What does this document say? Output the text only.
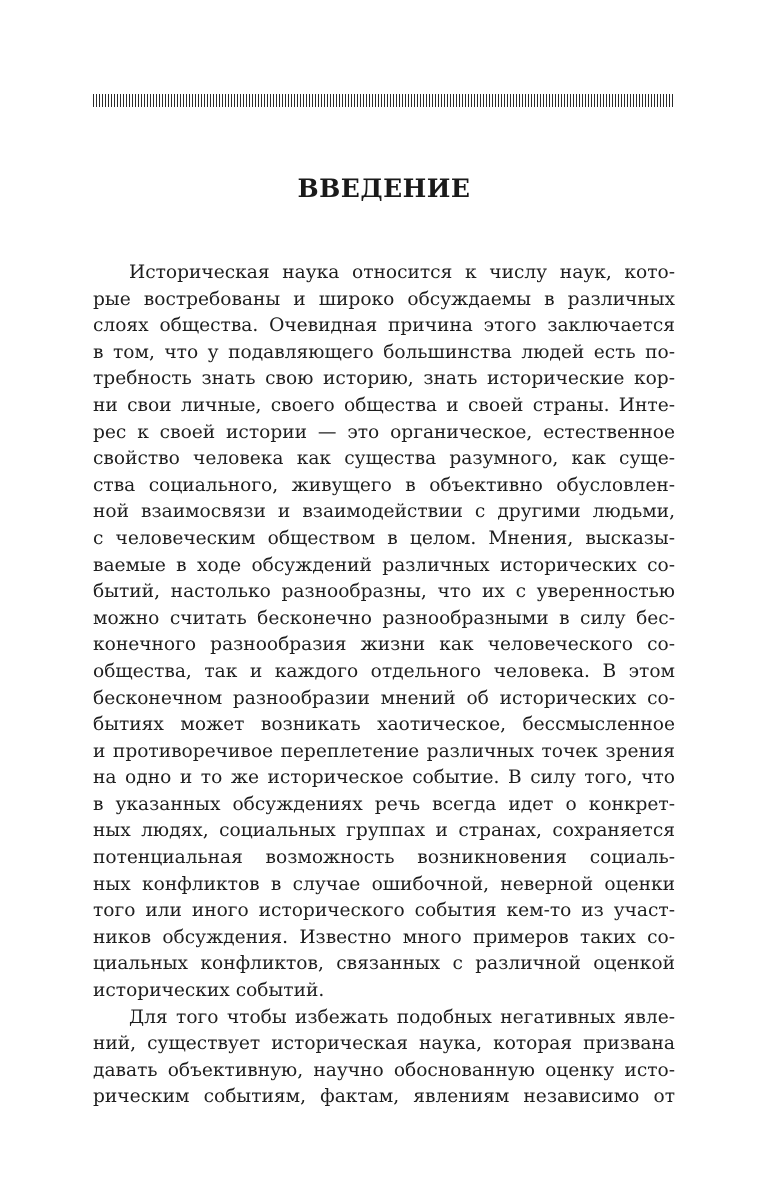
ВВЕДЕНИЕ
Историческая наука относится к числу наук, кото-
рые востребованы и широко обсуждаемы в различных
слоях общества. Очевидная причина этого заключается
в том, что у подавляющего большинства людей есть по-
требность знать свою историю, знать исторические кор-
ни свои личные, своего общества и своей страны. Инте-
рес к своей истории — это органическое, естественное
свойство человека как существа разумного, как суще-
ства социального, живущего в объективно обусловлен-
ной взаимосвязи и взаимодействии с другими людьми,
с человеческим обществом в целом. Мнения, высказы-
ваемые в ходе обсуждений различных исторических со-
бытий, настолько разнообразны, что их с уверенностью
можно считать бесконечно разнообразными в силу бес-
конечного разнообразия жизни как человеческого со-
общества, так и каждого отдельного человека. В этом
бесконечном разнообразии мнений об исторических со-
бытиях может возникать хаотическое, бессмысленное
и противоречивое переплетение различных точек зрения
на одно и то же историческое событие. В силу того, что
в указанных обсуждениях речь всегда идет о конкрет-
ных людях, социальных группах и странах, сохраняется
потенциальная возможность возникновения социаль-
ных конфликтов в случае ошибочной, неверной оценки
того или иного исторического события кем-то из участ-
ников обсуждения. Известно много примеров таких со-
циальных конфликтов, связанных с различной оценкой
исторических событий.
Для того чтобы избежать подобных негативных явле-
ний, существует историческая наука, которая призвана
давать объективную, научно обоснованную оценку исто-
рическим событиям, фактам, явлениям независимо от
